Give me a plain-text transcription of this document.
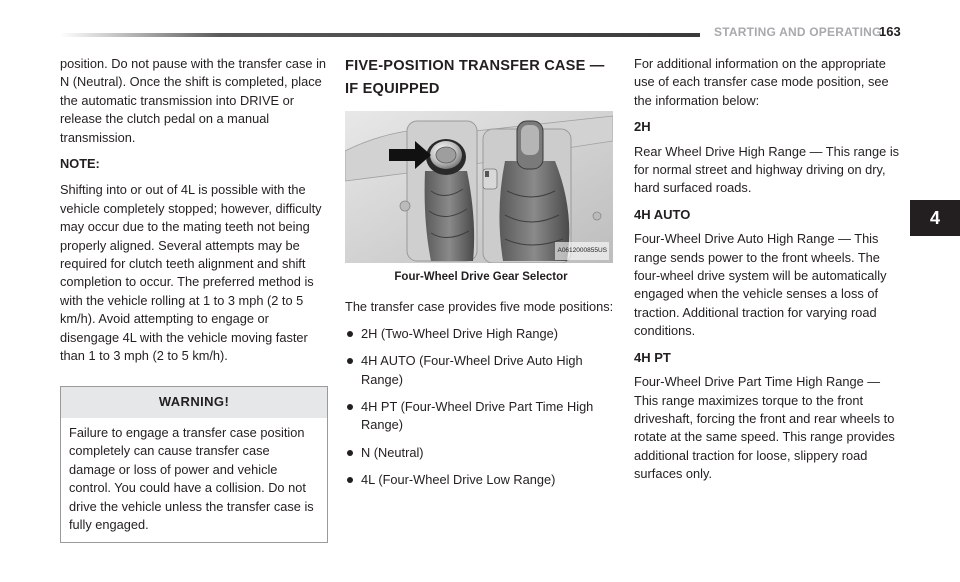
STARTING AND OPERATING
163
4

position. Do not pause with the transfer case in N (Neutral). Once the shift is completed, place the automatic transmission into DRIVE or release the clutch pedal on a manual transmission.

NOTE:

Shifting into or out of 4L is possible with the vehicle completely stopped; however, difficulty may occur due to the mating teeth not being properly aligned. Several attempts may be required for clutch teeth alignment and shift completion to occur. The preferred method is with the vehicle rolling at 1 to 3 mph (2 to 5 km/h). Avoid attempting to engage or disengage 4L with the vehicle moving faster than 1 to 3 mph (2 to 5 km/h).

WARNING!
Failure to engage a transfer case position completely can cause transfer case damage or loss of power and vehicle control. You could have a collision. Do not drive the vehicle unless the transfer case is fully engaged.
FIVE-POSITION TRANSFER CASE — IF EQUIPPED
A0612000855US
Four-Wheel Drive Gear Selector

The transfer case provides five mode positions:

2H (Two-Wheel Drive High Range)
4H AUTO (Four-Wheel Drive Auto High Range)
4H PT (Four-Wheel Drive Part Time High Range)
N (Neutral)
4L (Four-Wheel Drive Low Range)

For additional information on the appropriate use of each transfer case mode position, see the information below:

2H

Rear Wheel Drive High Range — This range is for normal street and highway driving on dry, hard surfaced roads.

4H AUTO

Four-Wheel Drive Auto High Range — This range sends power to the front wheels. The four-wheel drive system will be automatically engaged when the vehicle senses a loss of traction. Additional traction for varying road conditions.

4H PT

Four-Wheel Drive Part Time High Range — This range maximizes torque to the front driveshaft, forcing the front and rear wheels to rotate at the same speed. This range provides additional traction for loose, slippery road surfaces only.
